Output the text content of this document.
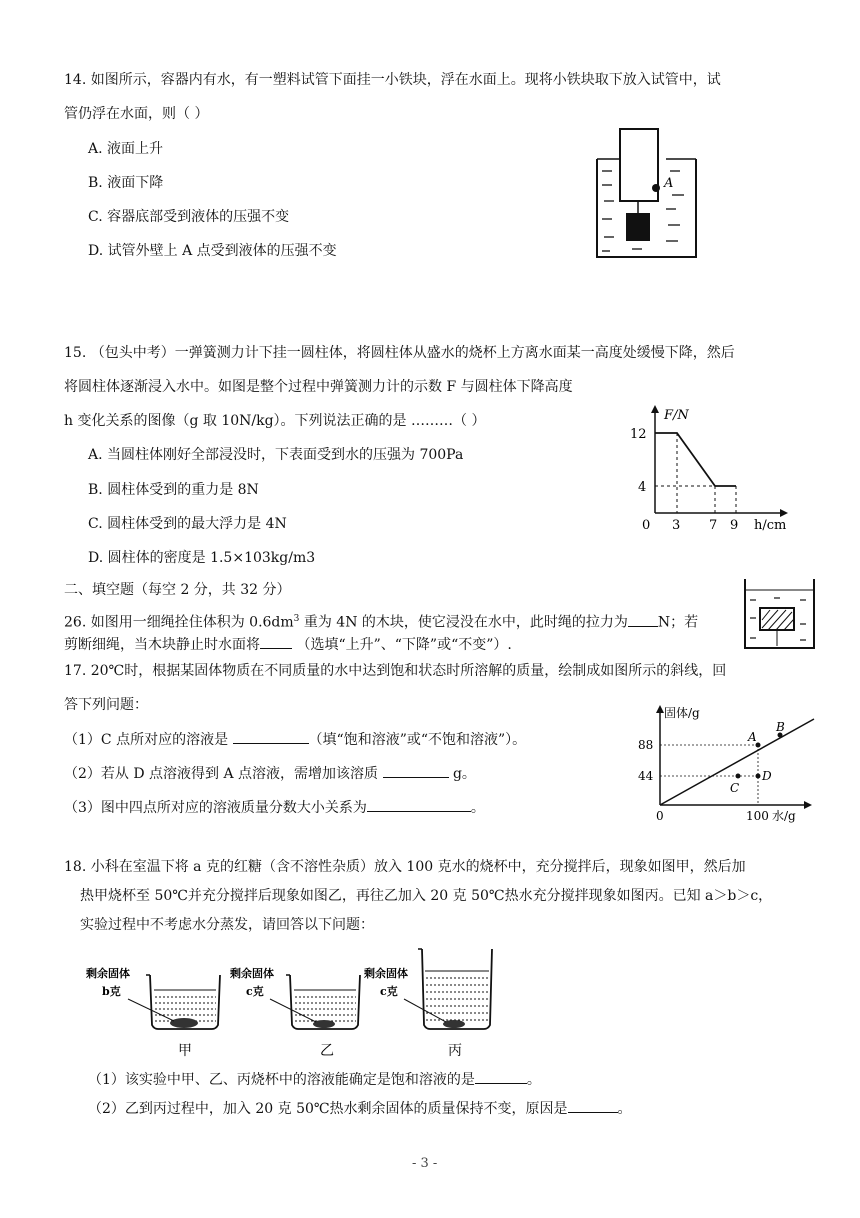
14. 如图所示，容器内有水，有一塑料试管下面挂一小铁块，浮在水面上。现将小铁块取下放入试管中，试
管仍浮在水面，则（ ）
A. 液面上升
B. 液面下降
C. 容器底部受到液体的压强不变
D. 试管外壁上 A 点受到液体的压强不变
A
15. （包头中考）一弹簧测力计下挂一圆柱体，将圆柱体从盛水的烧杯上方离水面某一高度处缓慢下降，然后
将圆柱体逐渐浸入水中。如图是整个过程中弹簧测力计的示数 F 与圆柱体下降高度
h 变化关系的图像（g 取 10N/kg）。下列说法正确的是 ………（ ）
A. 当圆柱体刚好全部浸没时，下表面受到水的压强为 700Pa
B. 圆柱体受到的重力是 8N
C. 圆柱体受到的最大浮力是 4N
D. 圆柱体的密度是 1.5×103kg/m3
F/N
h/cm
0
12
4
3 7 9
二、填空题（每空 2 分，共 32 分）
26. 如图用一细绳拴住体积为 $0.6dm^3$ 重为 4N 的木块，使它浸没在水中，此时绳的拉力为 N；若
剪断细绳，当木块静止时水面将 （选填“上升”、“下降”或“不变”）.
17. 20℃时，根据某固体物质在不同质量的水中达到饱和状态时所溶解的质量，绘制成如图所示的斜线，回
答下列问题：
（1）C 点所对应的溶液是	（填“饱和溶液”或“不饱和溶液”）。
（2）若从 D 点溶液得到 A 点溶液，需增加该溶质	g。
（3）图中四点所对应的溶液质量分数大小关系为	。
固体/g
水/g
0
88
44
100
A
B
C
D
18. 小科在室温下将 a 克的红糖（含不溶性杂质）放入 100 克水的烧杯中，充分搅拌后，现象如图甲，然后加
热甲烧杯至 50℃并充分搅拌后现象如图乙，再往乙加入 20 克 50℃热水充分搅拌现象如图丙。已知 a＞b＞c，
实验过程中不考虑水分蒸发，请回答以下问题：
剩余固体
b克
甲
剩余固体
c克
乙
剩余固体
c克
丙
（1）该实验中甲、乙、丙烧杯中的溶液能确定是饱和溶液的是	。
（2）乙到丙过程中，加入 20 克 50℃热水剩余固体的质量保持不变，原因是	。
- 3 -
